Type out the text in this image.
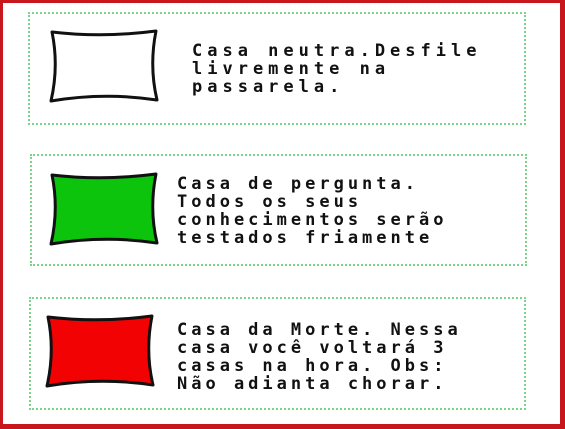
Casa neutra.Desfile
livremente na
passarela.
Casa de pergunta.
Todos os seus
conhecimentos serão
testados friamente
Casa da Morte. Nessa
casa você voltará 3
casas na hora. Obs:
Não adianta chorar.
